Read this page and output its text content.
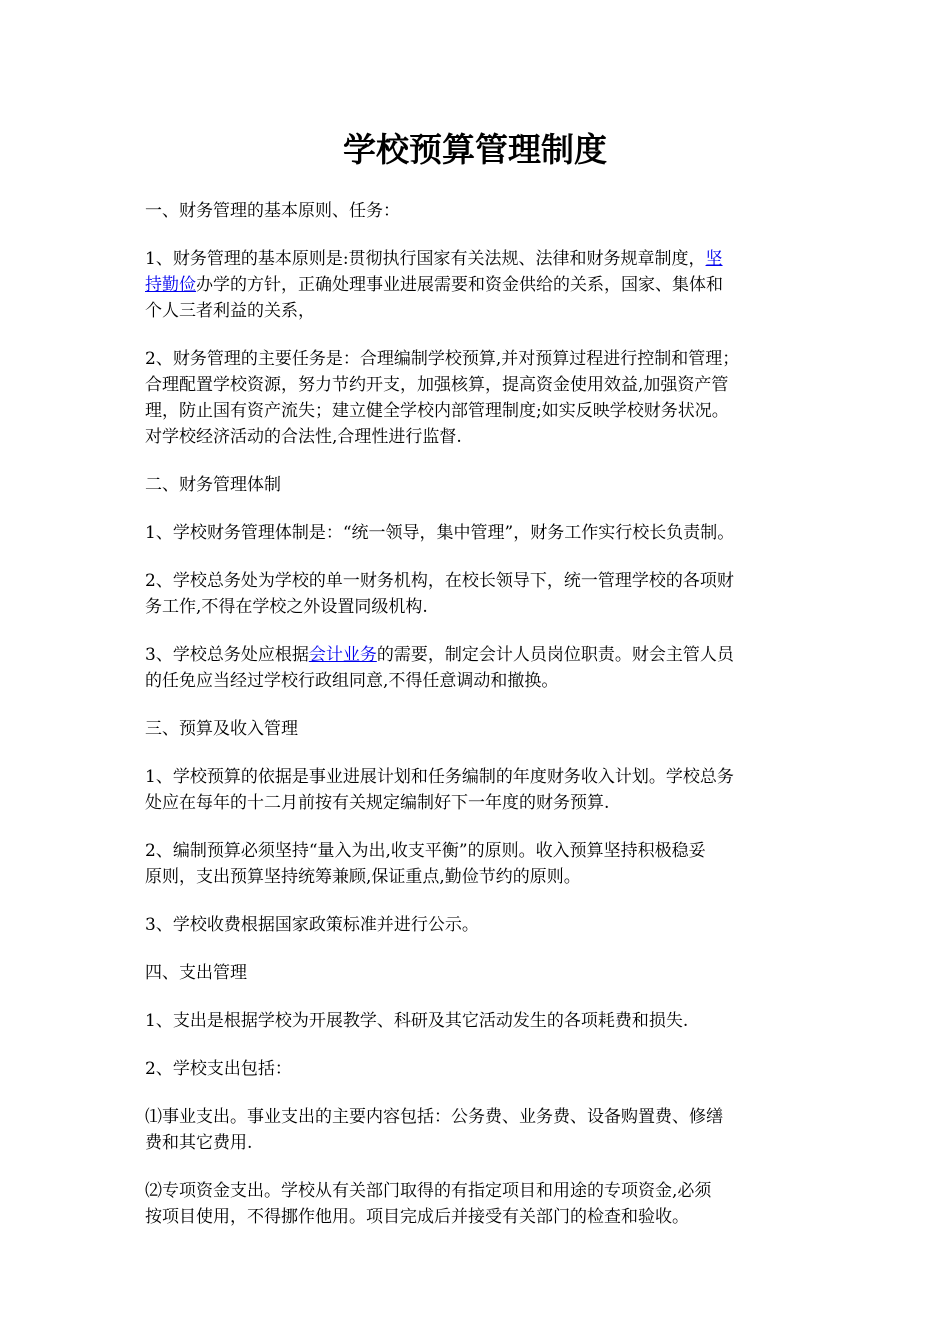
学校预算管理制度

一、财务管理的基本原则、任务：

1、财务管理的基本原则是:贯彻执行国家有关法规、法律和财务规章制度，坚
持勤俭办学的方针，正确处理事业进展需要和资金供给的关系，国家、集体和
个人三者利益的关系，

2、财务管理的主要任务是：合理编制学校预算,并对预算过程进行控制和管理；
合理配置学校资源，努力节约开支，加强核算，提高资金使用效益,加强资产管
理，防止国有资产流失；建立健全学校内部管理制度;如实反映学校财务状况。
对学校经济活动的合法性,合理性进行监督.

二、财务管理体制

1、学校财务管理体制是：“统一领导，集中管理”，财务工作实行校长负责制。

2、学校总务处为学校的单一财务机构，在校长领导下，统一管理学校的各项财
务工作,不得在学校之外设置同级机构.

3、学校总务处应根据会计业务的需要，制定会计人员岗位职责。财会主管人员
的任免应当经过学校行政组同意,不得任意调动和撤换。

三、预算及收入管理

1、学校预算的依据是事业进展计划和任务编制的年度财务收入计划。学校总务
处应在每年的十二月前按有关规定编制好下一年度的财务预算.

2、编制预算必须坚持“量入为出,收支平衡”的原则。收入预算坚持积极稳妥
原则，支出预算坚持统筹兼顾,保证重点,勤俭节约的原则。

3、学校收费根据国家政策标准并进行公示。

四、支出管理

1、支出是根据学校为开展教学、科研及其它活动发生的各项耗费和损失.

2、学校支出包括：

⑴事业支出。事业支出的主要内容包括：公务费、业务费、设备购置费、修缮
费和其它费用.

⑵专项资金支出。学校从有关部门取得的有指定项目和用途的专项资金,必须
按项目使用，不得挪作他用。项目完成后并接受有关部门的检查和验收。
